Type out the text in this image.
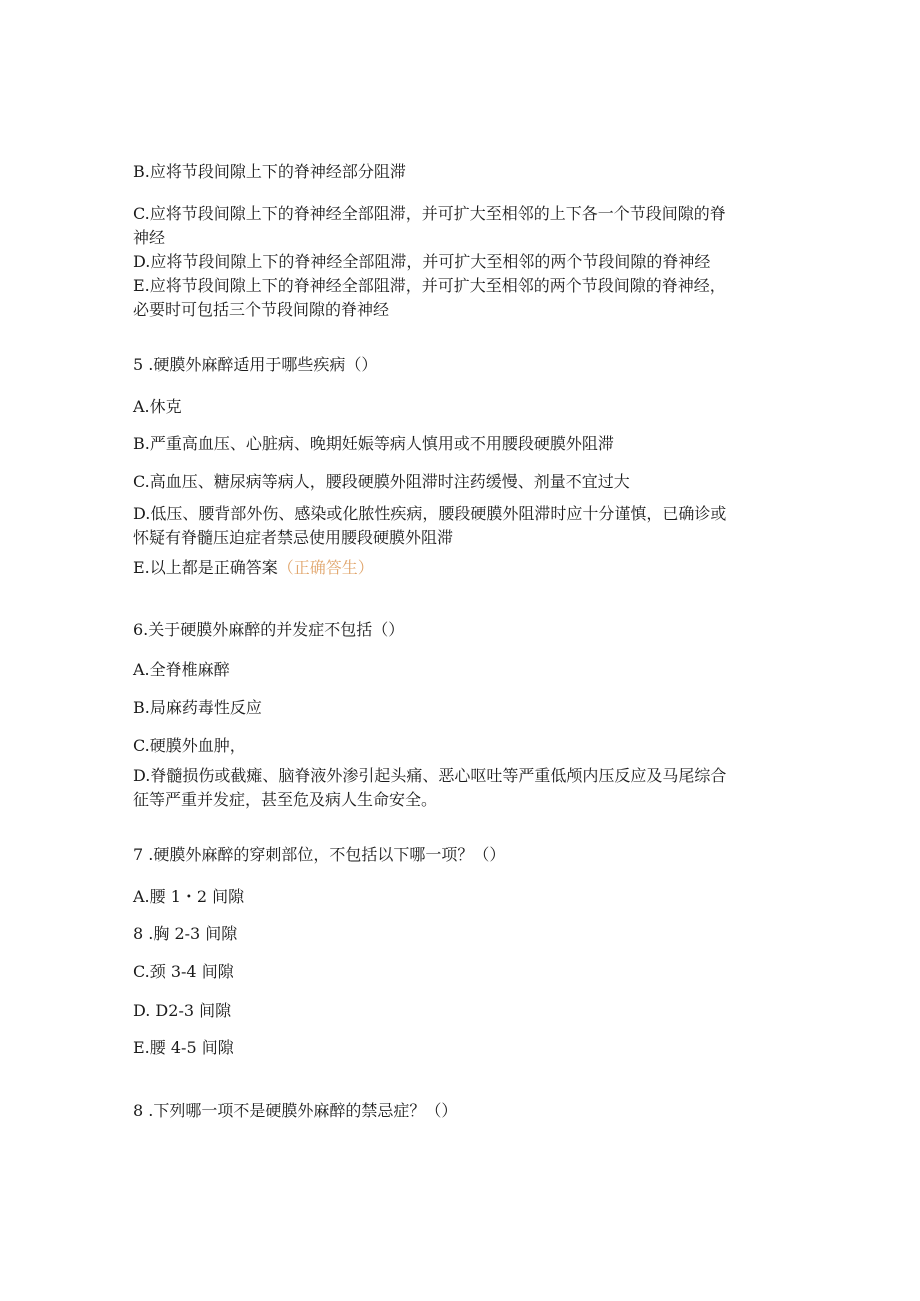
B.应将节段间隙上下的脊神经部分阻滞
C.应将节段间隙上下的脊神经全部阻滞，并可扩大至相邻的上下各一个节段间隙的脊
神经
D.应将节段间隙上下的脊神经全部阻滞，并可扩大至相邻的两个节段间隙的脊神经
E.应将节段间隙上下的脊神经全部阻滞，并可扩大至相邻的两个节段间隙的脊神经，
必要时可包括三个节段间隙的脊神经
5 .硬膜外麻醉适用于哪些疾病（）
A.休克
B.严重高血压、心脏病、晚期妊娠等病人慎用或不用腰段硬膜外阻滞
C.高血压、糖尿病等病人，腰段硬膜外阻滞时注药缓慢、剂量不宜过大
D.低压、腰背部外伤、感染或化脓性疾病，腰段硬膜外阻滞时应十分谨慎，已确诊或
怀疑有脊髓压迫症者禁忌使用腰段硬膜外阻滞
E.以上都是正确答案（正确答生）
6.关于硬膜外麻醉的并发症不包括（）
A.全脊椎麻醉
B.局麻药毒性反应
C.硬膜外血肿，
D.脊髓损伤或截瘫、脑脊液外渗引起头痛、恶心呕吐等严重低颅内压反应及马尾综合
征等严重并发症，甚至危及病人生命安全。
7 .硬膜外麻醉的穿刺部位，不包括以下哪一项？（）
A.腰 1・2 间隙
8 .胸 2-3 间隙
C.颈 3-4 间隙
D. D2-3 间隙
E.腰 4-5 间隙
8 .下列哪一项不是硬膜外麻醉的禁忌症？（）
